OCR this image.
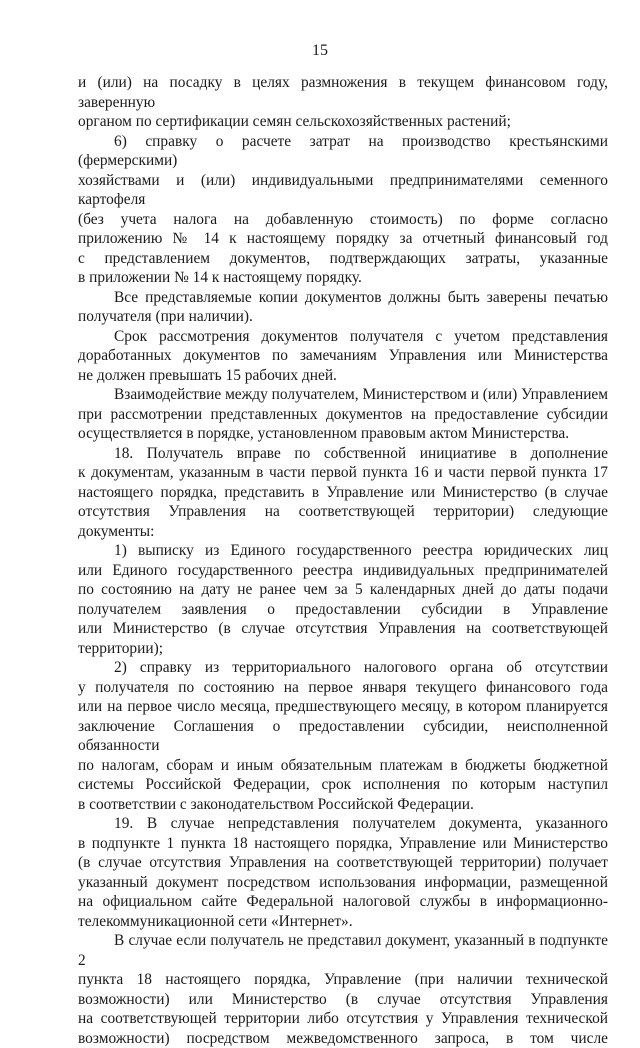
15

и (или) на посадку в целях размножения в текущем финансовом году, заверенную

органом по сертификации семян сельскохозяйственных растений;

6) справку о расчете затрат на производство крестьянскими (фермерскими)

хозяйствами и (или) индивидуальными предпринимателями семенного картофеля

(без учета налога на добавленную стоимость) по форме согласно

приложению № 14 к настоящему порядку за отчетный финансовый год

с представлением документов, подтверждающих затраты, указанные

в приложении № 14 к настоящему порядку.

Все представляемые копии документов должны быть заверены печатью

получателя (при наличии).

Срок рассмотрения документов получателя с учетом представления

доработанных документов по замечаниям Управления или Министерства

не должен превышать 15 рабочих дней.

Взаимодействие между получателем, Министерством и (или) Управлением

при рассмотрении представленных документов на предоставление субсидии

осуществляется в порядке, установленном правовым актом Министерства.

18. Получатель вправе по собственной инициативе в дополнение

к документам, указанным в части первой пункта 16 и части первой пункта 17

настоящего порядка, представить в Управление или Министерство (в случае

отсутствия Управления на соответствующей территории) следующие документы:

1) выписку из Единого государственного реестра юридических лиц

или Единого государственного реестра индивидуальных предпринимателей

по состоянию на дату не ранее чем за 5 календарных дней до даты подачи

получателем заявления о предоставлении субсидии в Управление

или Министерство (в случае отсутствия Управления на соответствующей

территории);

2) справку из территориального налогового органа об отсутствии

у получателя по состоянию на первое января текущего финансового года

или на первое число месяца, предшествующего месяцу, в котором планируется

заключение Соглашения о предоставлении субсидии, неисполненной обязанности

по налогам, сборам и иным обязательным платежам в бюджеты бюджетной

системы Российской Федерации, срок исполнения по которым наступил

в соответствии с законодательством Российской Федерации.

19. В случае непредставления получателем документа, указанного

в подпункте 1 пункта 18 настоящего порядка, Управление или Министерство

(в случае отсутствия Управления на соответствующей территории) получает

указанный документ посредством использования информации, размещенной

на официальном сайте Федеральной налоговой службы в информационно-

телекоммуникационной сети «Интернет».

В случае если получатель не представил документ, указанный в подпункте 2

пункта 18 настоящего порядка, Управление (при наличии технической

возможности) или Министерство (в случае отсутствия Управления

на соответствующей территории либо отсутствия у Управления технической

возможности) посредством межведомственного запроса, в том числе
